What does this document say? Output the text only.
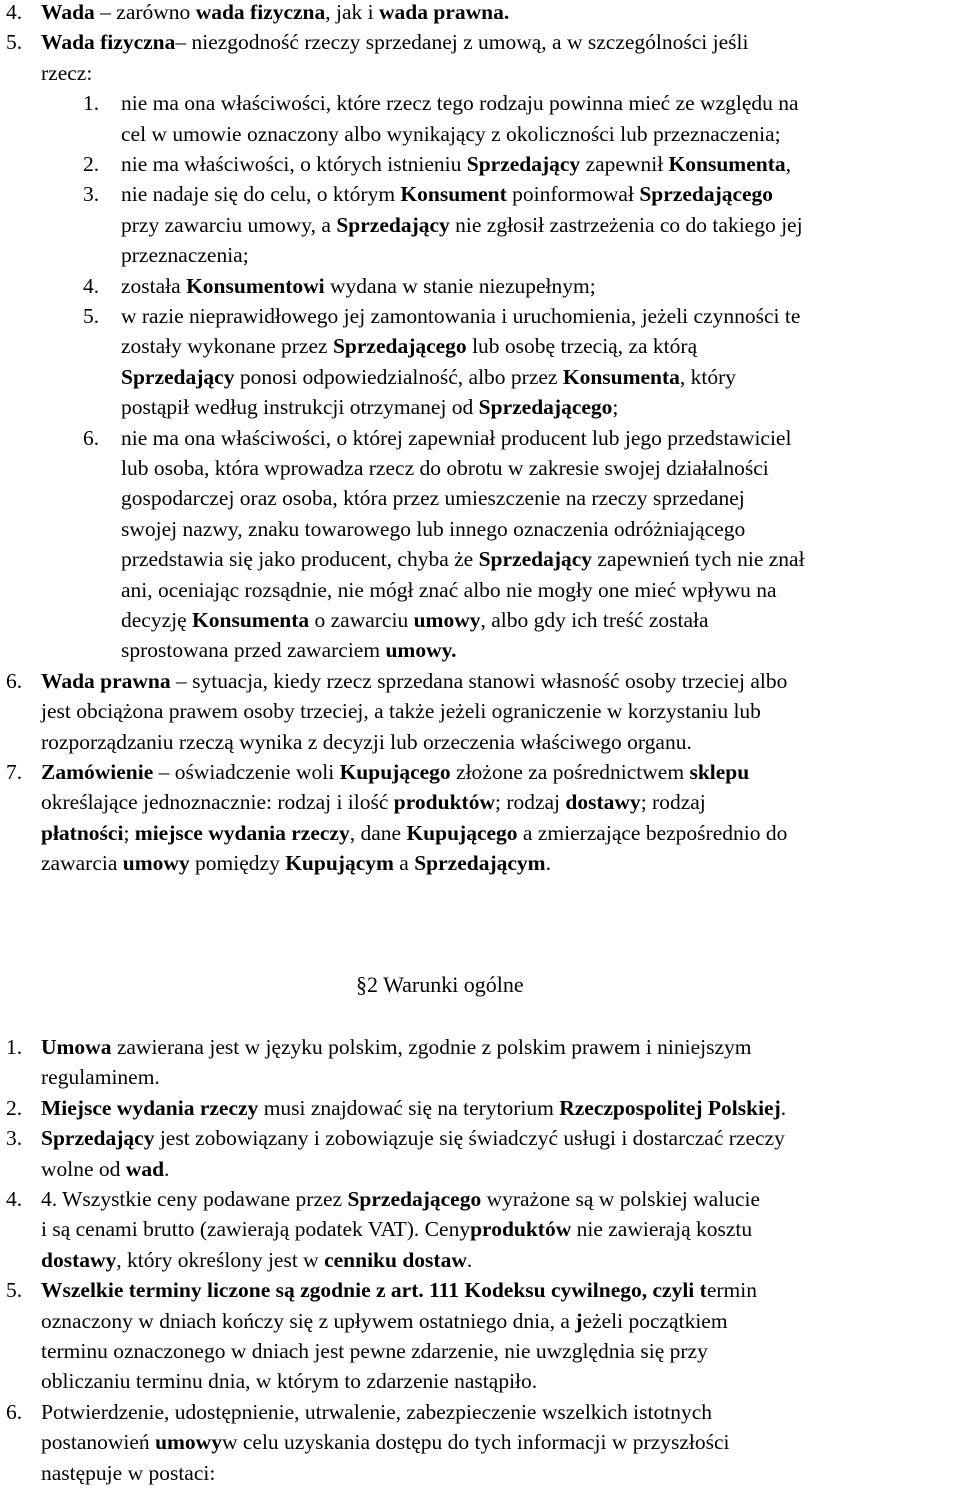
4. Wada – zarówno wada fizyczna, jak i wada prawna.
5. Wada fizyczna– niezgodność rzeczy sprzedanej z umową, a w szczególności jeśli
rzecz:
1. nie ma ona właściwości, które rzecz tego rodzaju powinna mieć ze względu na
cel w umowie oznaczony albo wynikający z okoliczności lub przeznaczenia;
2. nie ma właściwości, o których istnieniu Sprzedający zapewnił Konsumenta,
3. nie nadaje się do celu, o którym Konsument poinformował Sprzedającego
przy zawarciu umowy, a Sprzedający nie zgłosił zastrzeżenia co do takiego jej
przeznaczenia;
4. została Konsumentowi wydana w stanie niezupełnym;
5. w razie nieprawidłowego jej zamontowania i uruchomienia, jeżeli czynności te
zostały wykonane przez Sprzedającego lub osobę trzecią, za którą
Sprzedający ponosi odpowiedzialność, albo przez Konsumenta, który
postąpił według instrukcji otrzymanej od Sprzedającego;
6. nie ma ona właściwości, o której zapewniał producent lub jego przedstawiciel
lub osoba, która wprowadza rzecz do obrotu w zakresie swojej działalności
gospodarczej oraz osoba, która przez umieszczenie na rzeczy sprzedanej
swojej nazwy, znaku towarowego lub innego oznaczenia odróżniającego
przedstawia się jako producent, chyba że Sprzedający zapewnień tych nie znał
ani, oceniając rozsądnie, nie mógł znać albo nie mogły one mieć wpływu na
decyzję Konsumenta o zawarciu umowy, albo gdy ich treść została
sprostowana przed zawarciem umowy.
6. Wada prawna – sytuacja, kiedy rzecz sprzedana stanowi własność osoby trzeciej albo
jest obciążona prawem osoby trzeciej, a także jeżeli ograniczenie w korzystaniu lub
rozporządzaniu rzeczą wynika z decyzji lub orzeczenia właściwego organu.
7. Zamówienie – oświadczenie woli Kupującego złożone za pośrednictwem sklepu
określające jednoznacznie: rodzaj i ilość produktów; rodzaj dostawy; rodzaj
płatności; miejsce wydania rzeczy, dane Kupującego a zmierzające bezpośrednio do
zawarcia umowy pomiędzy Kupującym a Sprzedającym.
§2 Warunki ogólne
1. Umowa zawierana jest w języku polskim, zgodnie z polskim prawem i niniejszym
regulaminem.
2. Miejsce wydania rzeczy musi znajdować się na terytorium Rzeczpospolitej Polskiej.
3. Sprzedający jest zobowiązany i zobowiązuje się świadczyć usługi i dostarczać rzeczy
wolne od wad.
4. 4. Wszystkie ceny podawane przez Sprzedającego wyrażone są w polskiej walucie
i są cenami brutto (zawierają podatek VAT). Cenyproduktów nie zawierają kosztu
dostawy, który określony jest w cenniku dostaw.
5. Wszelkie terminy liczone są zgodnie z art. 111 Kodeksu cywilnego, czyli termin
oznaczony w dniach kończy się z upływem ostatniego dnia, a jeżeli początkiem
terminu oznaczonego w dniach jest pewne zdarzenie, nie uwzględnia się przy
obliczaniu terminu dnia, w którym to zdarzenie nastąpiło.
6. Potwierdzenie, udostępnienie, utrwalenie, zabezpieczenie wszelkich istotnych
postanowień umowyw celu uzyskania dostępu do tych informacji w przyszłości
następuje w postaci:
